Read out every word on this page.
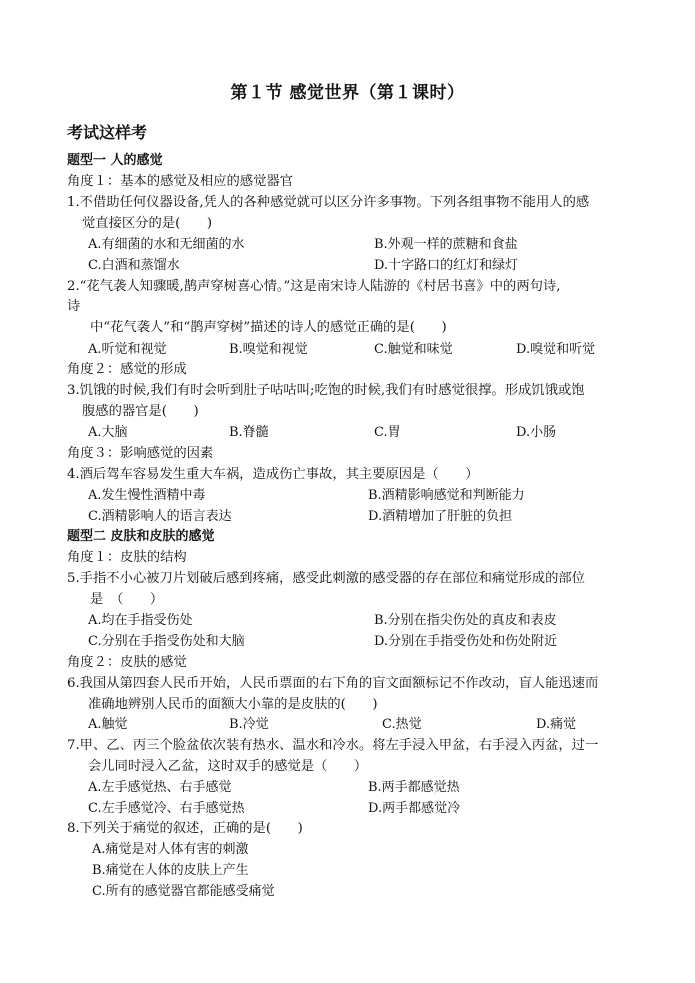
第１节 感觉世界（第１课时）
考试这样考
题型一 人的感觉
角度１：基本的感觉及相应的感觉器官
1.不借助任何仪器设备,凭人的各种感觉就可以区分许多事物。下列各组事物不能用人的感
觉直接区分的是(　　)
A.有细菌的水和无细菌的水	B.外观一样的蔗糖和食盐
C.白酒和蒸馏水	D.十字路口的红灯和绿灯
2.“花气袭人知骤暖,鹊声穿树喜心情。”这是南宋诗人陆游的《村居书喜》中的两句诗,
诗
中“花气袭人”和“鹊声穿树”描述的诗人的感觉正确的是(　　)
A.听觉和视觉	B.嗅觉和视觉	C.触觉和味觉	D.嗅觉和听觉
角度２：感觉的形成
3.饥饿的时候,我们有时会听到肚子咕咕叫;吃饱的时候,我们有时感觉很撑。形成饥饿或饱
腹感的器官是(　　)
A.大脑	B.脊髓	C.胃	D.小肠
角度３：影响感觉的因素
4.酒后驾车容易发生重大车祸，造成伤亡事故，其主要原因是（　　）
A.发生慢性酒精中毒	B.酒精影响感觉和判断能力
C.酒精影响人的语言表达	D.酒精增加了肝脏的负担
题型二 皮肤和皮肤的感觉
角度１：皮肤的结构
5.手指不小心被刀片划破后感到疼痛，感受此刺激的感受器的存在部位和痛觉形成的部位
是　（　　）
A.均在手指受伤处	B.分别在指尖伤处的真皮和表皮
C.分别在手指受伤处和大脑	D.分别在手指受伤处和伤处附近
角度２：皮肤的感觉
6.我国从第四套人民币开始，人民币票面的右下角的盲文面额标记不作改动，盲人能迅速而
准确地辨别人民币的面额大小靠的是皮肤的(　　)
A.触觉	B.冷觉	C.热觉	D.痛觉
7.甲、乙、丙三个脸盆依次装有热水、温水和冷水。将左手浸入甲盆，右手浸入丙盆，过一
会儿同时浸入乙盆，这时双手的感觉是（　　）
A.左手感觉热、右手感觉	B.两手都感觉热
C.左手感觉冷、右手感觉热	D.两手都感觉冷
8.下列关于痛觉的叙述，正确的是(　　)
A.痛觉是对人体有害的刺激
B.痛觉在人体的皮肤上产生
C.所有的感觉器官都能感受痛觉
